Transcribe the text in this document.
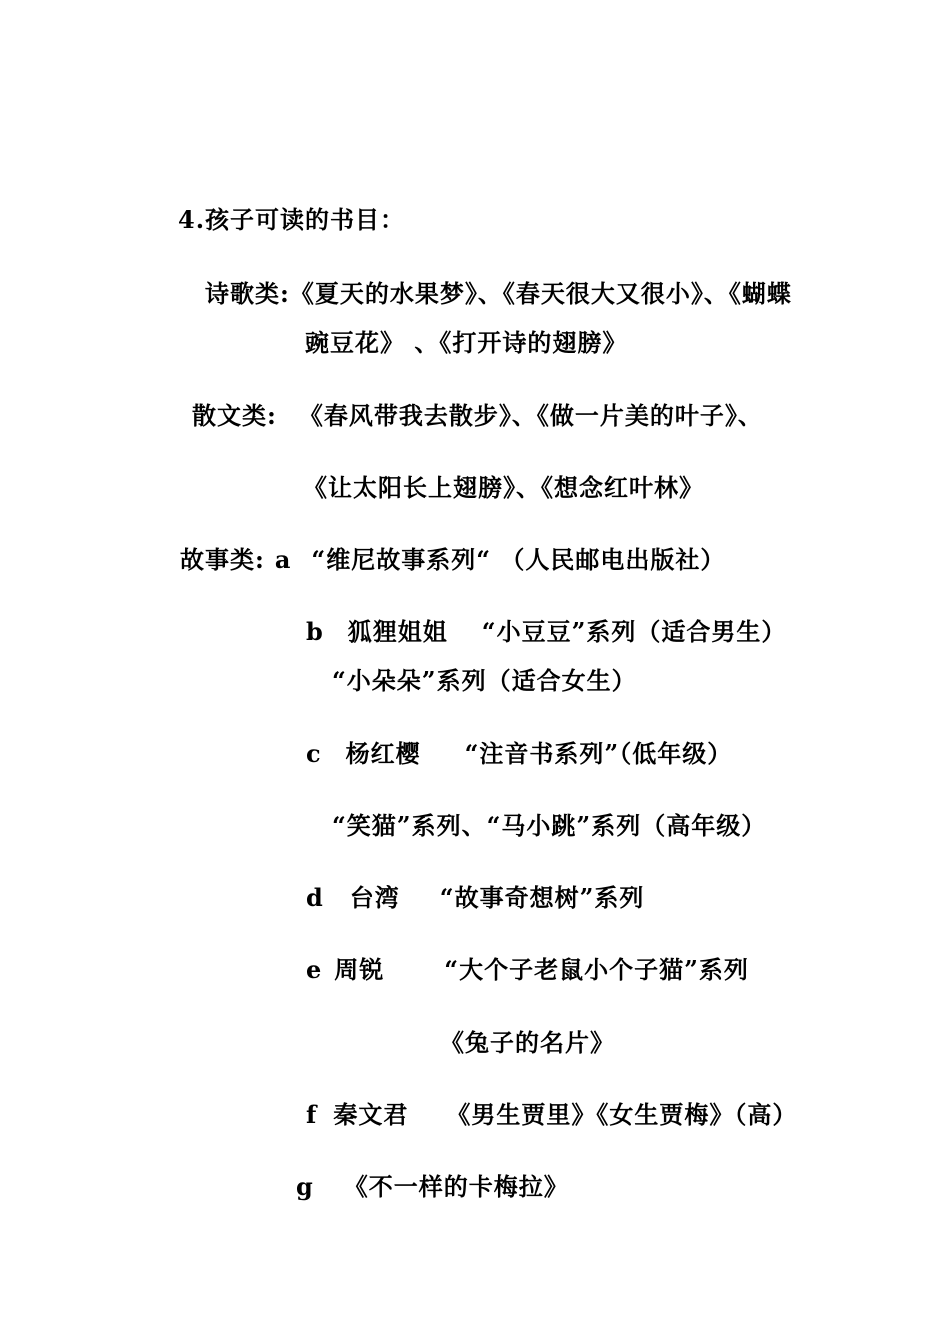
4.孩子可读的书目：
诗歌类:《夏天的水果梦》、《春天很大又很小》、《蝴蝶
豌豆花》 、《打开诗的翅膀》
散文类: 《春风带我去散步》、《做一片美的叶子》、
《让太阳长上翅膀》、《想念红叶林》
故事类: a “维尼故事系列“ （人民邮电出版社）
b 狐狸姐姐 “小豆豆”系列（适合男生）
“小朵朵”系列（适合女生）
c 杨红樱 “注音书系列”（低年级）
“笑猫”系列、“马小跳”系列（高年级）
d 台湾 “故事奇想树”系列
e 周锐	“大个子老鼠小个子猫”系列
《兔子的名片》
f 秦文君 《男生贾里》《女生贾梅》（高）
g 《不一样的卡梅拉》
